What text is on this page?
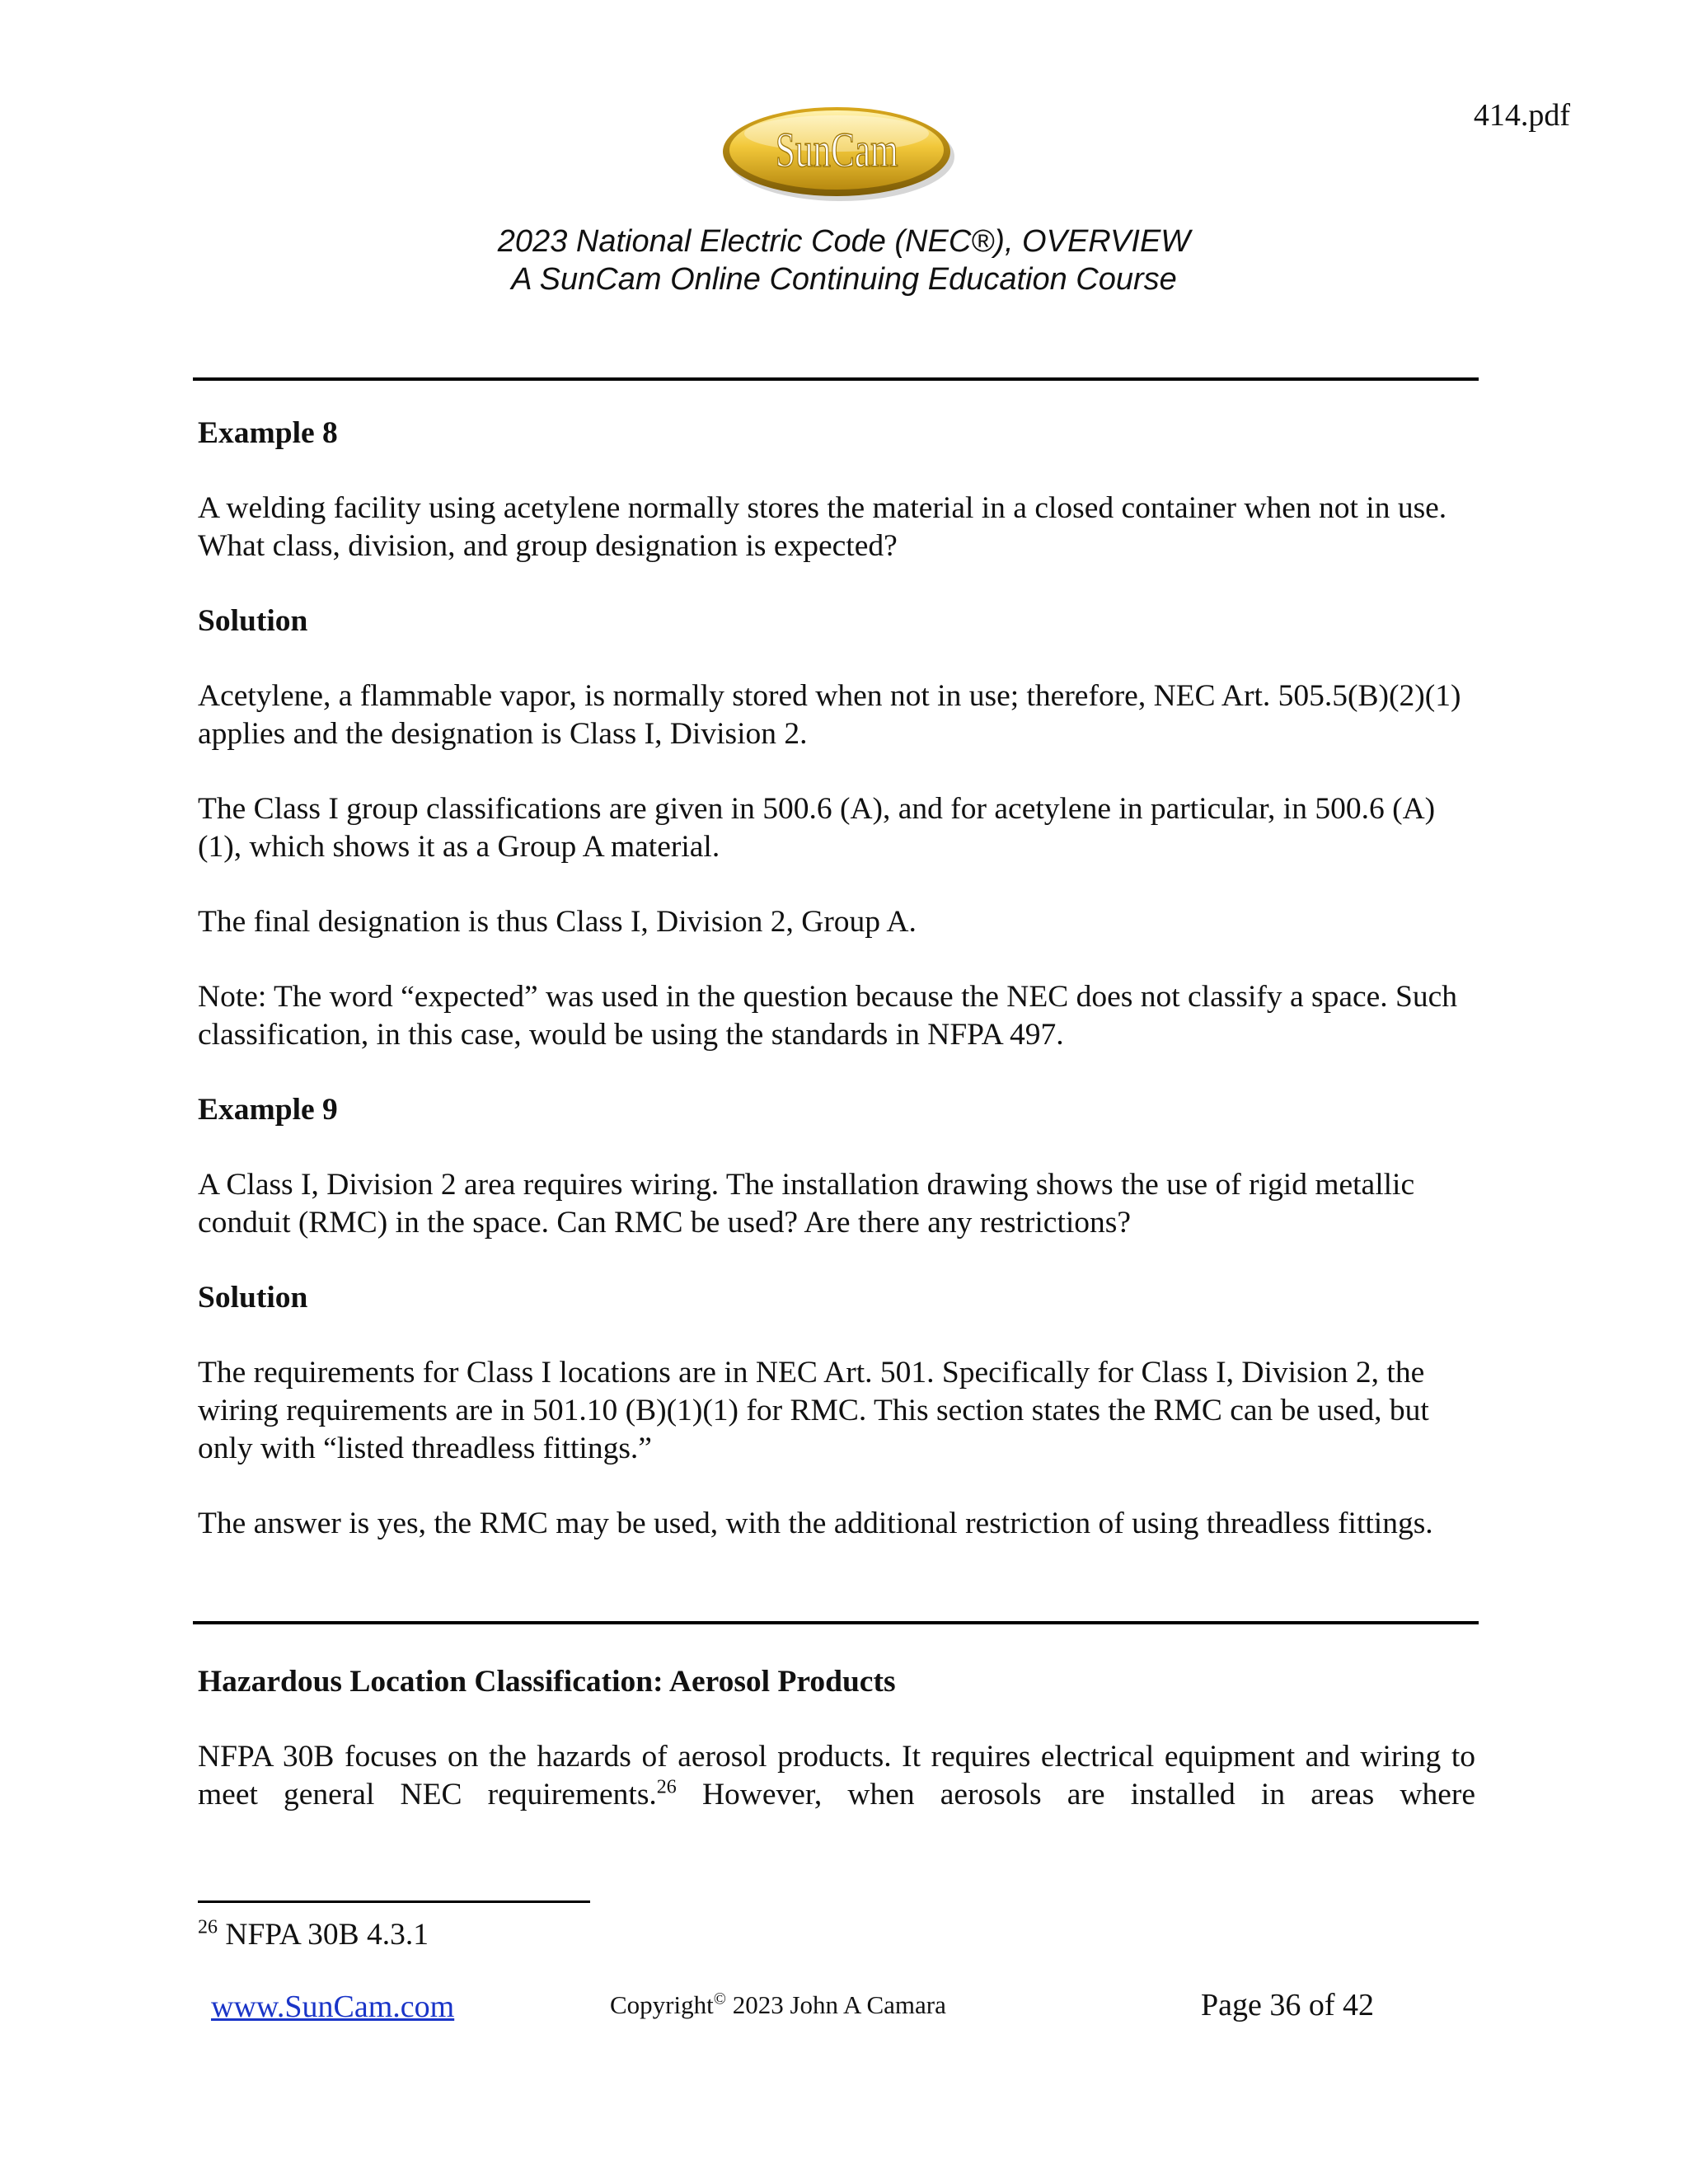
414.pdf
SunCam
2023 National Electric Code (NEC®), OVERVIEW
A SunCam Online Continuing Education Course

Example 8

A welding facility using acetylene normally stores the material in a closed container when not in use. What class, division, and group designation is expected?

Solution

Acetylene, a flammable vapor, is normally stored when not in use; therefore, NEC Art. 505.5(B)(2)(1) applies and the designation is Class I, Division 2.

The Class I group classifications are given in 500.6 (A), and for acetylene in particular, in 500.6 (A)(1), which shows it as a Group A material.

The final designation is thus Class I, Division 2, Group A.

Note: The word “expected” was used in the question because the NEC does not classify a space. Such classification, in this case, would be using the standards in NFPA 497.

Example 9

A Class I, Division 2 area requires wiring. The installation drawing shows the use of rigid metallic conduit (RMC) in the space. Can RMC be used? Are there any restrictions?

Solution

The requirements for Class I locations are in NEC Art. 501. Specifically for Class I, Division 2, the wiring requirements are in 501.10 (B)(1)(1) for RMC. This section states the RMC can be used, but only with “listed threadless fittings.”

The answer is yes, the RMC may be used, with the additional restriction of using threadless fittings.

Hazardous Location Classification: Aerosol Products

NFPA 30B focuses on the hazards of aerosol products. It requires electrical equipment and wiring to meet general NEC requirements.$^{26}$ However, when aerosols are installed in areas where

$^{26}$ NFPA 30B 4.3.1
www.SunCam.com	Copyright© 2023 John A Camara	Page 36 of 42
